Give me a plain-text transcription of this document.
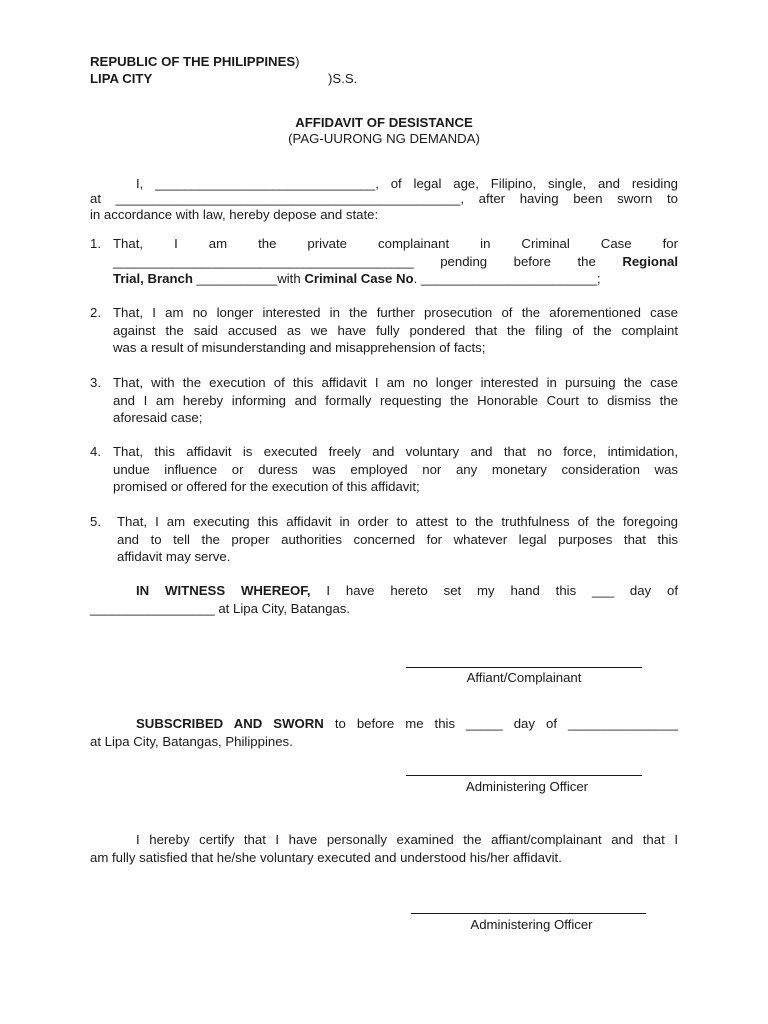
REPUBLIC OF THE PHILIPPINES)
LIPA CITY	)S.S.
AFFIDAVIT OF DESISTANCE
(PAG-UURONG NG DEMANDA)
I, ______________________________, of legal age, Filipino, single, and residing
at _______________________________________________, after having been sworn to
in accordance with law, hereby depose and state:
1. That, I am the private complainant in Criminal Case for
_________________________________________ pending before the Regional
Trial, Branch ___________with Criminal Case No. ________________________;
2. That, I am no longer interested in the further prosecution of the aforementioned case
against the said accused as we have fully pondered that the filing of the complaint
was a result of misunderstanding and misapprehension of facts;
3. That, with the execution of this affidavit I am no longer interested in pursuing the case
and I am hereby informing and formally requesting the Honorable Court to dismiss the
aforesaid case;
4. That, this affidavit is executed freely and voluntary and that no force, intimidation,
undue influence or duress was employed nor any monetary consideration was
promised or offered for the execution of this affidavit;
5. That, I am executing this affidavit in order to attest to the truthfulness of the foregoing
and to tell the proper authorities concerned for whatever legal purposes that this
affidavit may serve.
IN WITNESS WHEREOF, I have hereto set my hand this ___ day of
_________________ at Lipa City, Batangas.
Affiant/Complainant
SUBSCRIBED AND SWORN to before me this _____ day of _______________
at Lipa City, Batangas, Philippines.
Administering Officer
I hereby certify that I have personally examined the affiant/complainant and that I
am fully satisfied that he/she voluntary executed and understood his/her affidavit.
Administering Officer
